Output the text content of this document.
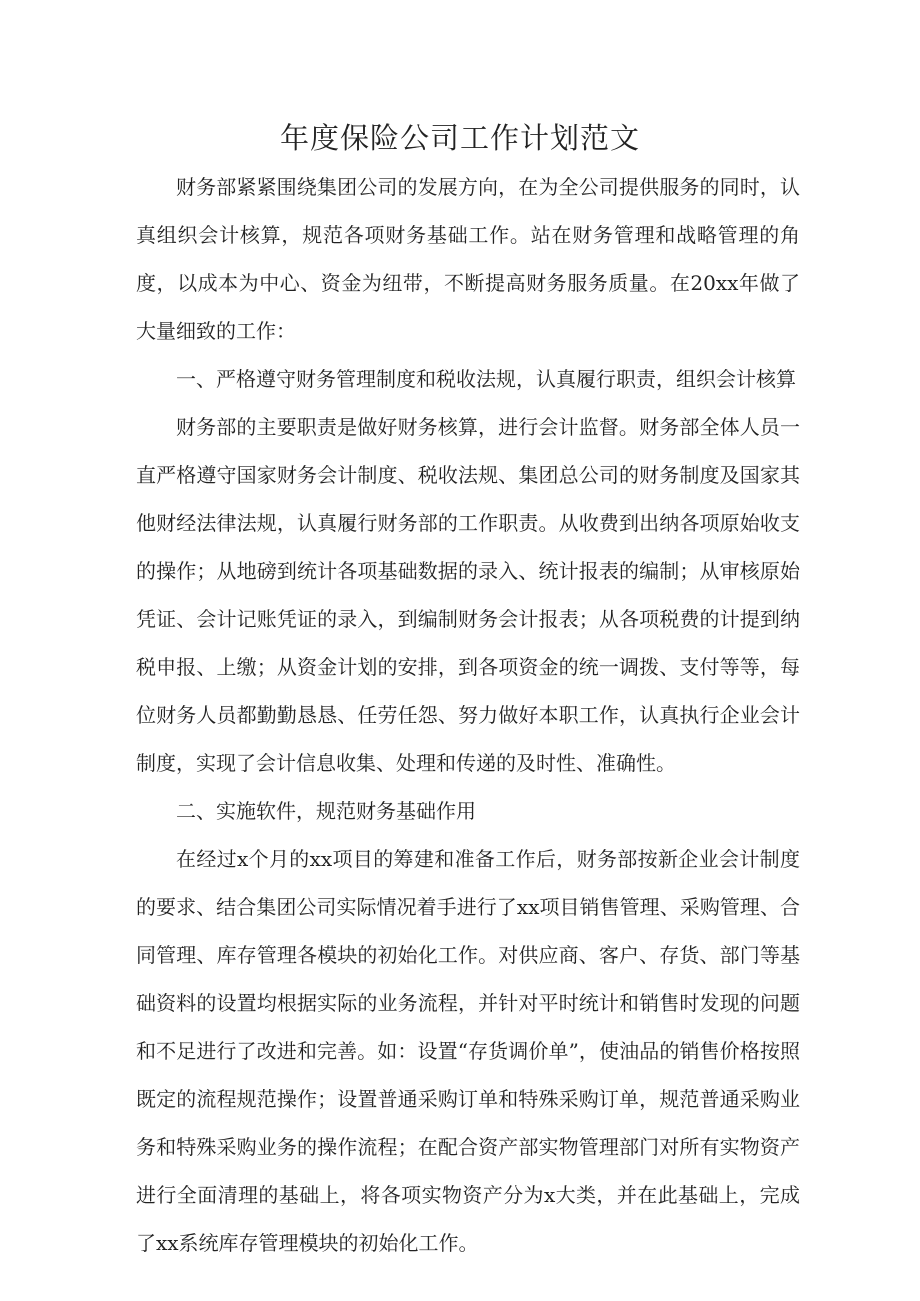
年度保险公司工作计划范文

财务部紧紧围绕集团公司的发展方向，在为全公司提供服务的同时，认真组织会计核算，规范各项财务基础工作。站在财务管理和战略管理的角度，以成本为中心、资金为纽带，不断提高财务服务质量。在20xx年做了大量细致的工作：

一、严格遵守财务管理制度和税收法规，认真履行职责，组织会计核算

财务部的主要职责是做好财务核算，进行会计监督。财务部全体人员一直严格遵守国家财务会计制度、税收法规、集团总公司的财务制度及国家其他财经法律法规，认真履行财务部的工作职责。从收费到出纳各项原始收支的操作；从地磅到统计各项基础数据的录入、统计报表的编制；从审核原始凭证、会计记账凭证的录入，到编制财务会计报表；从各项税费的计提到纳税申报、上缴；从资金计划的安排，到各项资金的统一调拨、支付等等，每位财务人员都勤勤恳恳、任劳任怨、努力做好本职工作，认真执行企业会计制度，实现了会计信息收集、处理和传递的及时性、准确性。

二、实施软件，规范财务基础作用

在经过x个月的xx项目的筹建和准备工作后，财务部按新企业会计制度的要求、结合集团公司实际情况着手进行了xx项目销售管理、采购管理、合同管理、库存管理各模块的初始化工作。对供应商、客户、存货、部门等基础资料的设置均根据实际的业务流程，并针对平时统计和销售时发现的问题和不足进行了改进和完善。如：设置“存货调价单”，使油品的销售价格按照既定的流程规范操作；设置普通采购订单和特殊采购订单，规范普通采购业务和特殊采购业务的操作流程；在配合资产部实物管理部门对所有实物资产进行全面清理的基础上，将各项实物资产分为x大类，并在此基础上，完成了xx系统库存管理模块的初始化工作。
